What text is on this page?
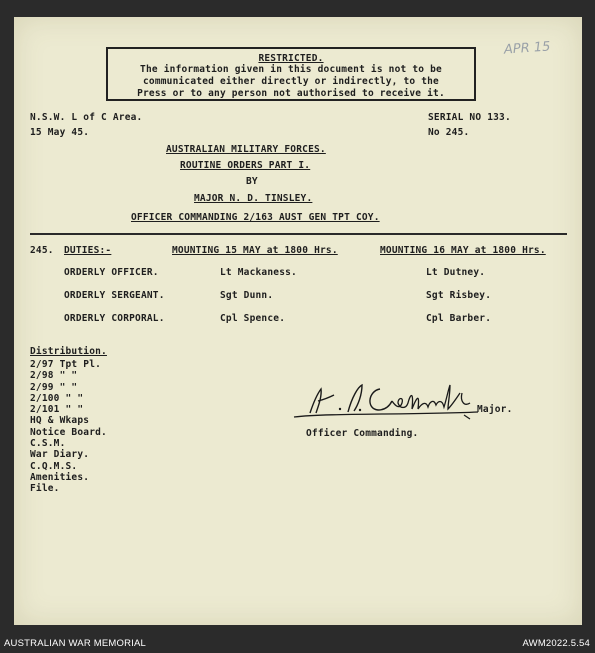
APR 15
RESTRICTED.
The information given in this document is not to be
communicated either directly or indirectly, to the
Press or to any person not authorised to receive it.
N.S.W. L of C Area.
15 May 45.
SERIAL NO 133.
No 245.
AUSTRALIAN MILITARY FORCES.
ROUTINE ORDERS PART I.
BY
MAJOR N. D. TINSLEY.
OFFICER COMMANDING 2/163 AUST GEN TPT COY.
245. DUTIES:-	MOUNTING 15 MAY at 1800 Hrs.	MOUNTING 16 MAY at 1800 Hrs.
ORDERLY OFFICER.	Lt Mackaness.	Lt Dutney.
ORDERLY SERGEANT.	Sgt Dunn.	Sgt Risbey.
ORDERLY CORPORAL.	Cpl Spence.	Cpl Barber.
Distribution.
2/97 Tpt Pl.
2/98 " "
2/99 " "
2/100 " "
2/101 " "
HQ & Wkaps
Notice Board.
C.S.M.
War Diary.
C.Q.M.S.
Amenities.
File.
Major.
Officer Commanding.
AUSTRALIAN WAR MEMORIAL	AWM2022.5.54
